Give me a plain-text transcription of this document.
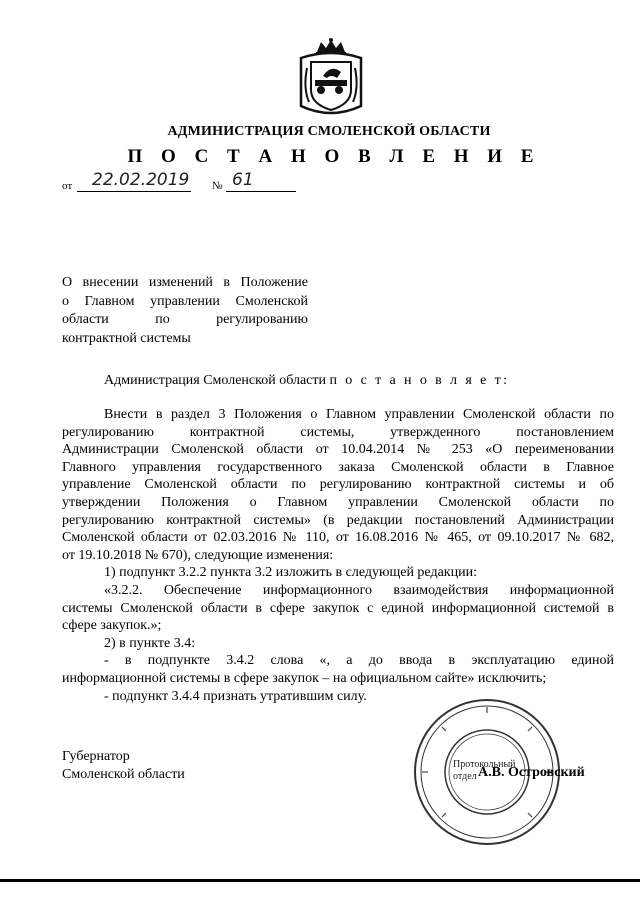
АДМИНИСТРАЦИЯ СМОЛЕНСКОЙ ОБЛАСТИ
П О С Т А Н О В Л Е Н И Е
от 22.02.2019 № 61
О внесении изменений в Положение
о Главном управлении Смоленской
области по регулированию
контрактной системы
Администрация Смоленской области п о с т а н о в л я е т:
Внести в раздел 3 Положения о Главном управлении Смоленской области по
регулированию контрактной системы, утвержденного постановлением
Администрации Смоленской области от 10.04.2014 № 253 «О переименовании
Главного управления государственного заказа Смоленской области в Главное
управление Смоленской области по регулированию контрактной системы и об
утверждении Положения о Главном управлении Смоленской области по
регулированию контрактной системы» (в редакции постановлений Администрации
Смоленской области от 02.03.2016 № 110, от 16.08.2016 № 465, от 09.10.2017 № 682,
от 19.10.2018 № 670), следующие изменения:
1) подпункт 3.2.2 пункта 3.2 изложить в следующей редакции:
«3.2.2. Обеспечение информационного взаимодействия информационной
системы Смоленской области в сфере закупок с единой информационной системой в
сфере закупок.»;
2) в пункте 3.4:
- в подпункте 3.4.2 слова «, а до ввода в эксплуатацию единой
информационной системы в сфере закупок – на официальном сайте» исключить;
- подпункт 3.4.4 признать утратившим силу.
Губернатор
Смоленской области
Протокольный
отдел А.В. Островский
